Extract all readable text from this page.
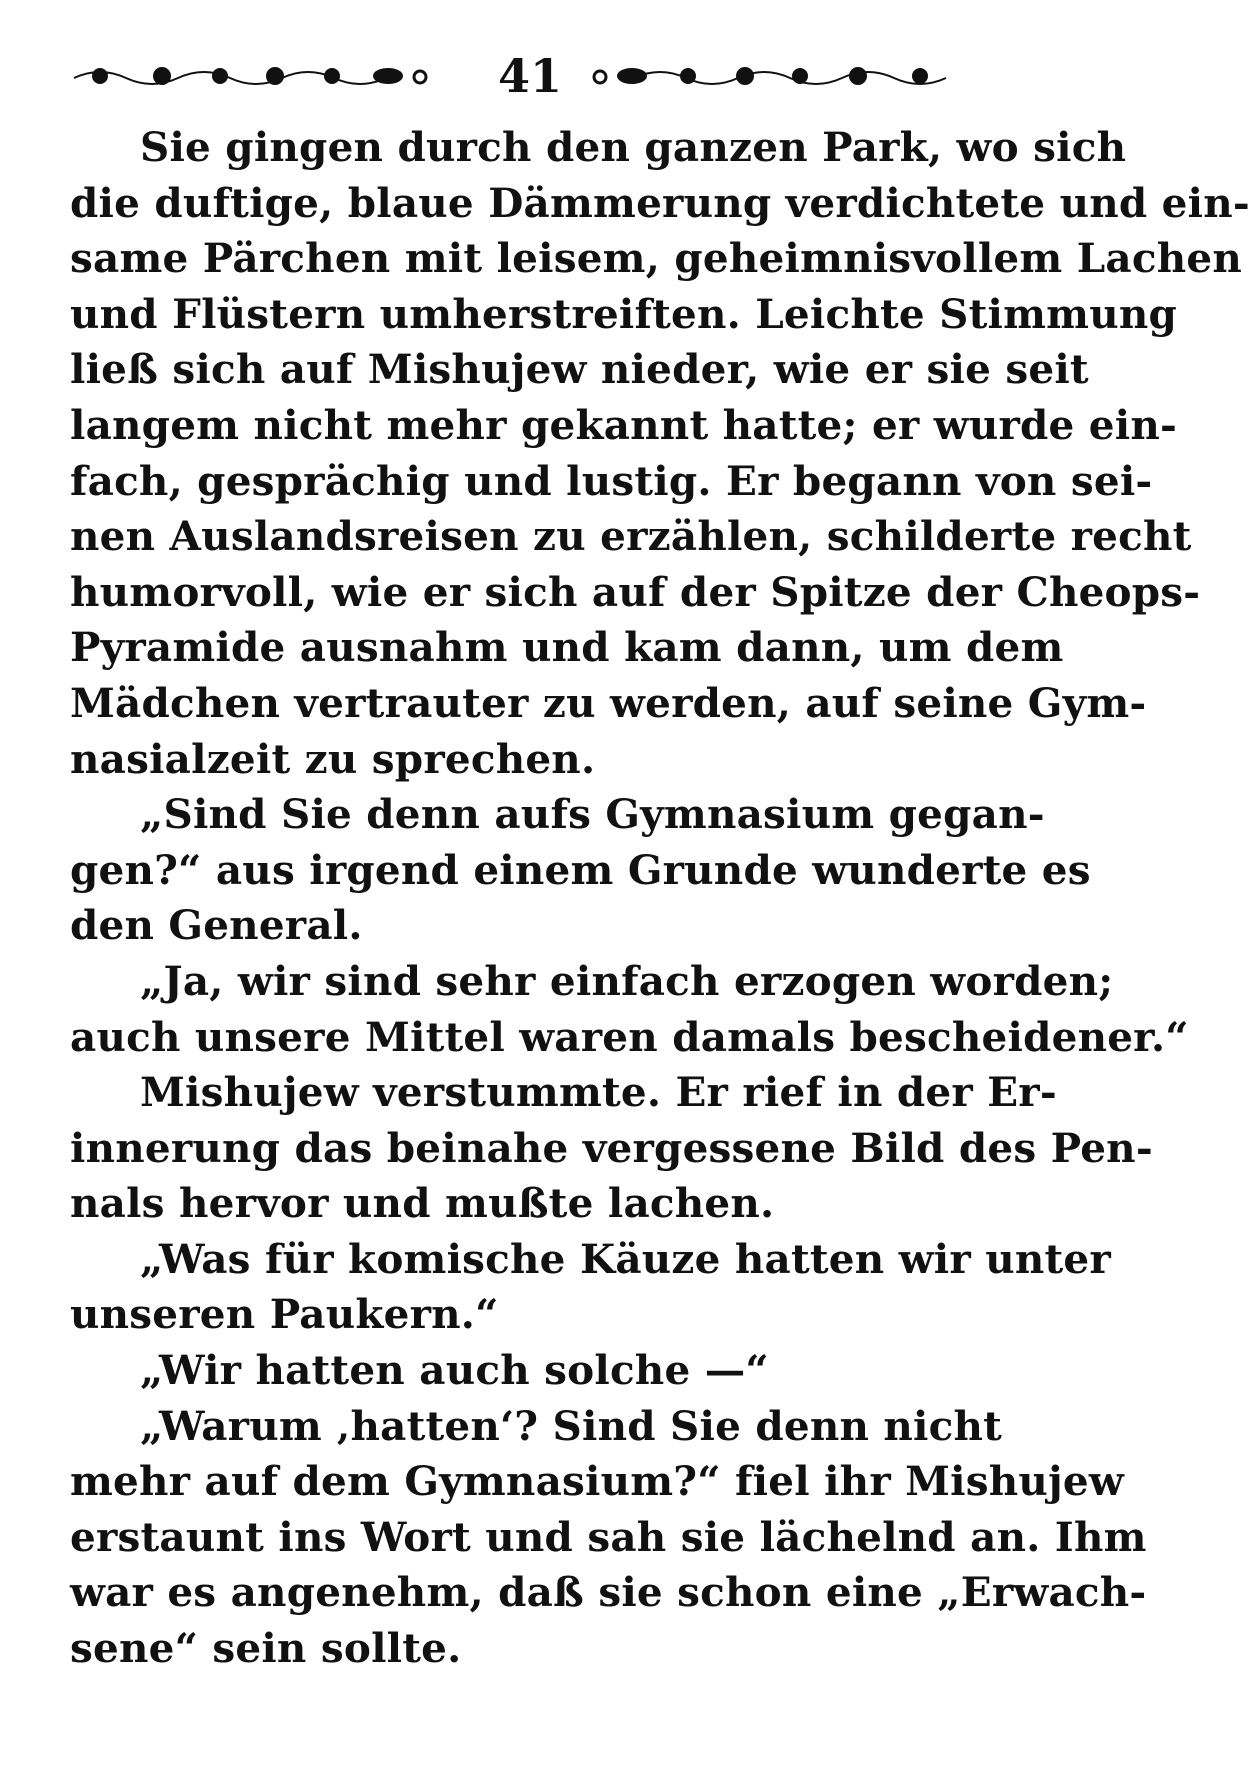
41

Sie gingen durch den ganzen Park, wo sich
die duftige, blaue Dämmerung verdichtete und ein-
same Pärchen mit leisem, geheimnisvollem Lachen
und Flüstern umherstreiften. Leichte Stimmung
ließ sich auf Mishujew nieder, wie er sie seit
langem nicht mehr gekannt hatte; er wurde ein-
fach, gesprächig und lustig. Er begann von sei-
nen Auslandsreisen zu erzählen, schilderte recht
humorvoll, wie er sich auf der Spitze der Cheops-
Pyramide ausnahm und kam dann, um dem
Mädchen vertrauter zu werden, auf seine Gym-
nasialzeit zu sprechen.

„Sind Sie denn aufs Gymnasium gegan-
gen?“ aus irgend einem Grunde wunderte es
den General.

„Ja, wir sind sehr einfach erzogen worden;
auch unsere Mittel waren damals bescheidener.“

Mishujew verstummte. Er rief in der Er-
innerung das beinahe vergessene Bild des Pen-
nals hervor und mußte lachen.

„Was für komische Käuze hatten wir unter
unseren Paukern.“

„Wir hatten auch solche —“

„Warum ‚hatten‘? Sind Sie denn nicht
mehr auf dem Gymnasium?“ fiel ihr Mishujew
erstaunt ins Wort und sah sie lächelnd an. Ihm
war es angenehm, daß sie schon eine „Erwach-
sene“ sein sollte.
